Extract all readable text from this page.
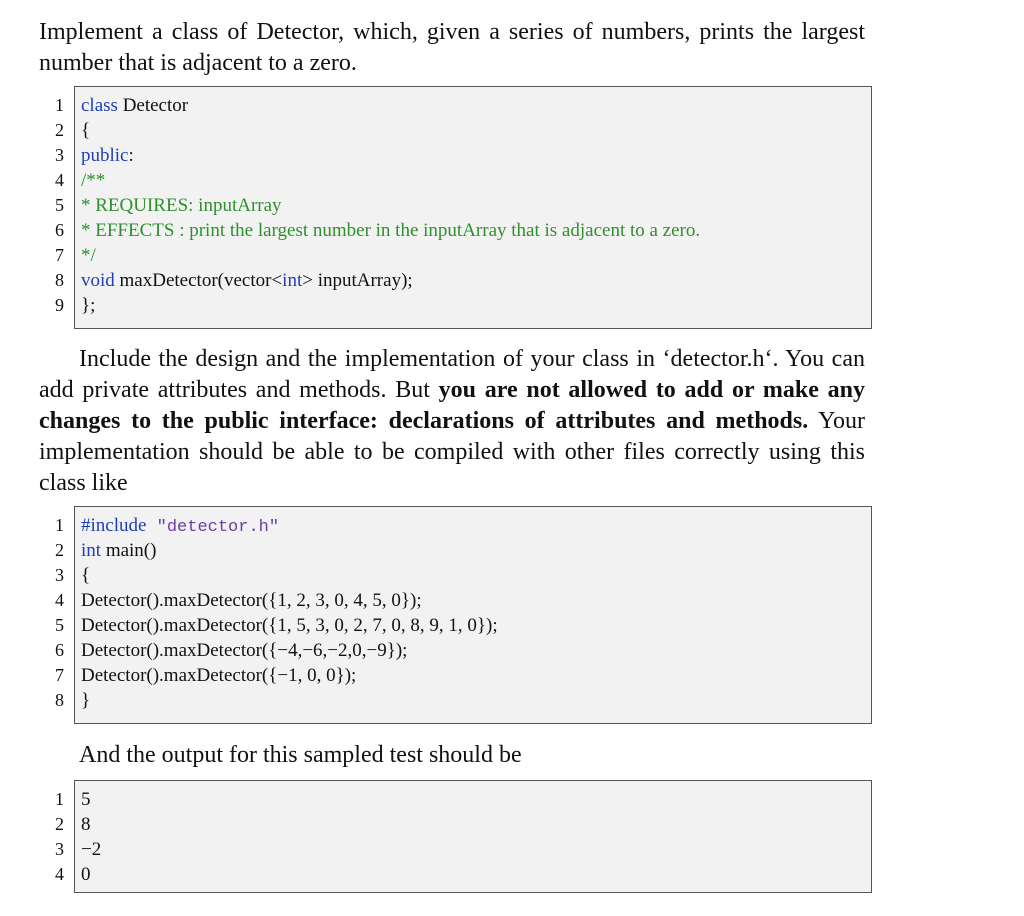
Implement a class of Detector, which, given a series of numbers, prints the largest number that is adjacent to a zero.

1
2
3
4
5
6
7
8
9
class Detector
{
public:
/**
* REQUIRES: inputArray
* EFFECTS : print the largest number in the inputArray that is adjacent to a zero.
*/
void maxDetector(vector<int> inputArray);
};

Include the design and the implementation of your class in ‘detector.h‘. You can add private attributes and methods. But you are not allowed to add or make any changes to the public interface: declarations of attributes and methods. Your implementation should be able to be compiled with other files correctly using this class like

1
2
3
4
5
6
7
8
#include "detector.h"
int main()
{
Detector().maxDetector({1, 2, 3, 0, 4, 5, 0});
Detector().maxDetector({1, 5, 3, 0, 2, 7, 0, 8, 9, 1, 0});
Detector().maxDetector({−4,−6,−2,0,−9});
Detector().maxDetector({−1, 0, 0});
}

And the output for this sampled test should be

1
2
3
4
5
8
−2
0
